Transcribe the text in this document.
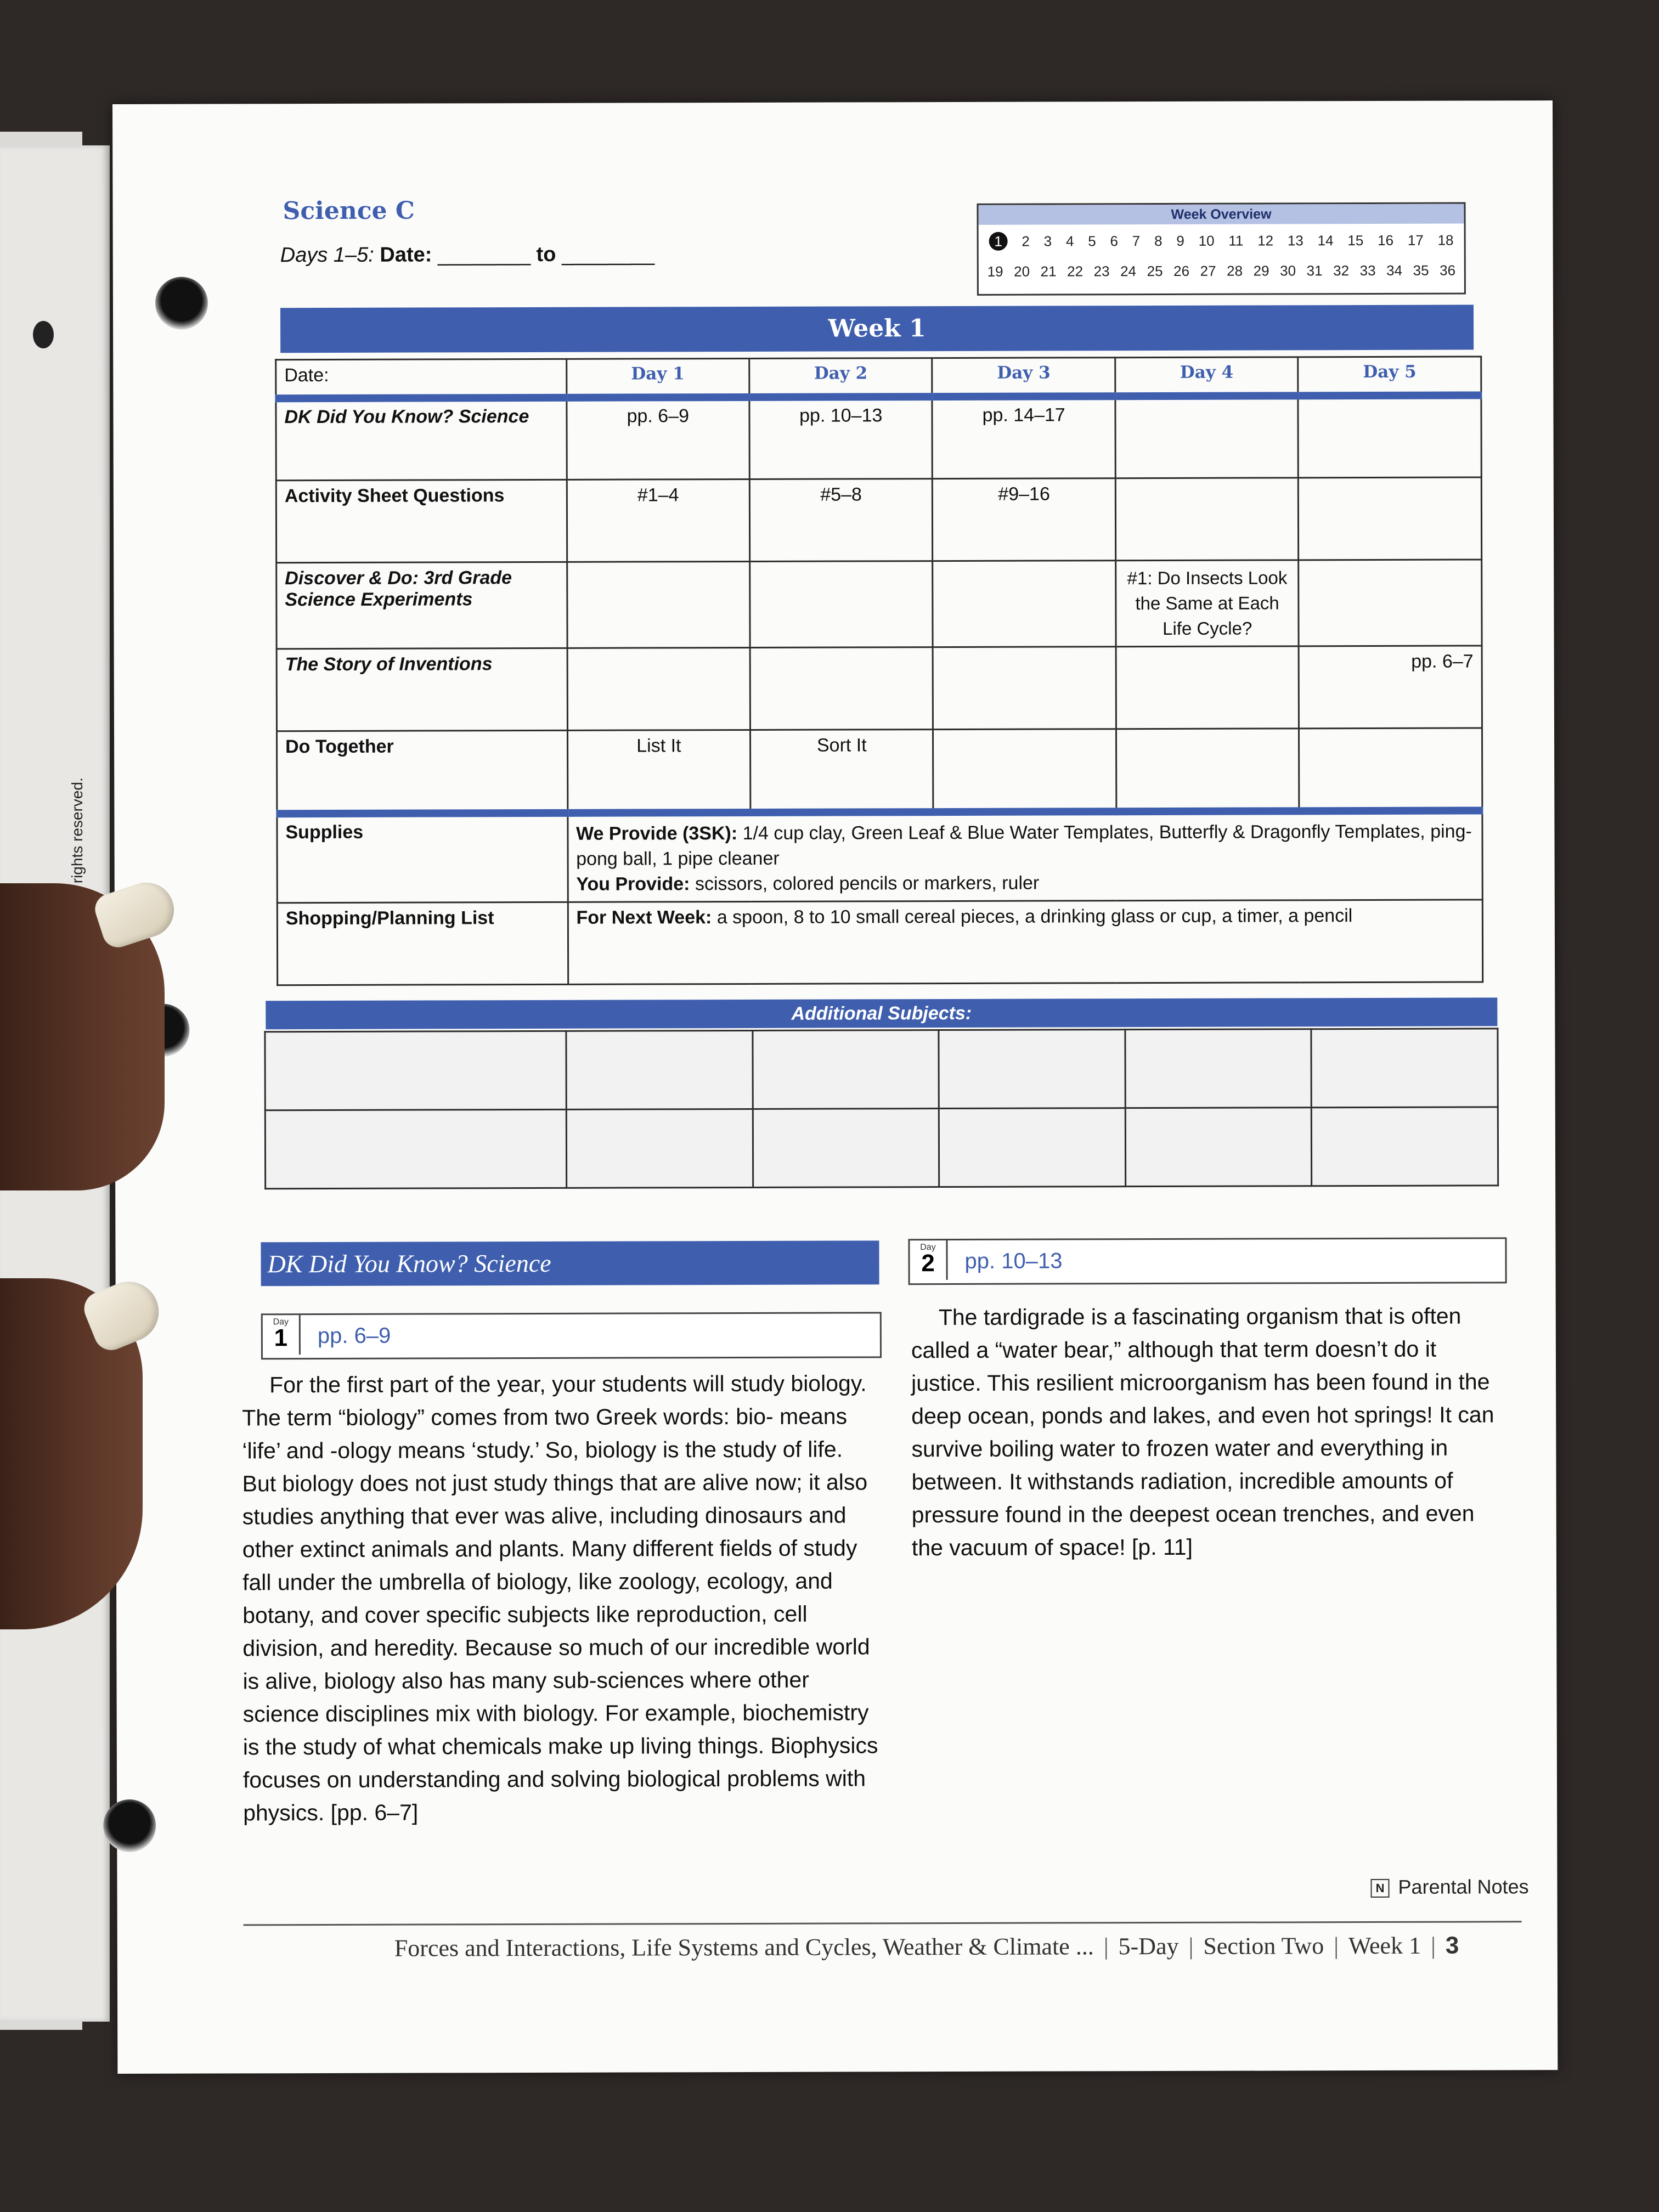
Science C
Days 1–5: Date: ________ to ________
Week Overview
1	2 3 4 5 6 7 8 9 10 11 12 13 14 15 16 17 18
19 20 21 22 23 24 25 26 27 28 29 30 31 32 33 34 35 36
Week 1
Date:	Day 1	Day 2	Day 3	Day 4	Day 5
DK Did You Know? Science	pp. 6–9	pp. 10–13	pp. 14–17		
Activity Sheet Questions	#1–4	#5–8	#9–16		
Discover & Do: 3rd Grade Science Experiments				#1: Do Insects Look the Same at Each Life Cycle?	
The Story of Inventions					pp. 6–7
Do Together	List It	Sort It			
Supplies	We Provide (3SK): 1/4 cup clay, Green Leaf & Blue Water Templates, Butterfly & Dragonfly Templates, ping-pong ball, 1 pipe cleaner
You Provide: scissors, colored pencils or markers, ruler				
Shopping/Planning List	For Next Week: a spoon, 8 to 10 small cereal pieces, a drinking glass or cup, a timer, a pencil				
Additional Subjects:

DK Did You Know? Science
Day
1	pp. 6–9
For the first part of the year, your students will study biology. The term “biology” comes from two Greek words: bio- means ‘life’ and -ology means ‘study.’ So, biology is the study of life. But biology does not just study things that are alive now; it also studies anything that ever was alive, including dinosaurs and other extinct animals and plants. Many different fields of study fall under the umbrella of biology, like zoology, ecology, and botany, and cover specific subjects like reproduction, cell division, and heredity. Because so much of our incredible world is alive, biology also has many sub-sciences where other science disciplines mix with biology. For example, biochemistry is the study of what chemicals make up living things. Biophysics focuses on understanding and solving biological problems with physics. [pp. 6–7]
Day
2	pp. 10–13
The tardigrade is a fascinating organism that is often called a “water bear,” although that term doesn’t do it justice. This resilient microorganism has been found in the deep ocean, ponds and lakes, and even hot springs! It can survive boiling water to frozen water and everything in between. It withstands radiation, incredible amounts of pressure found in the deepest ocean trenches, and even the vacuum of space! [p. 11]
N Parental Notes
Forces and Interactions, Life Systems and Cycles, Weather & Climate ... | 5-Day | Section Two | Week 1 | 3
